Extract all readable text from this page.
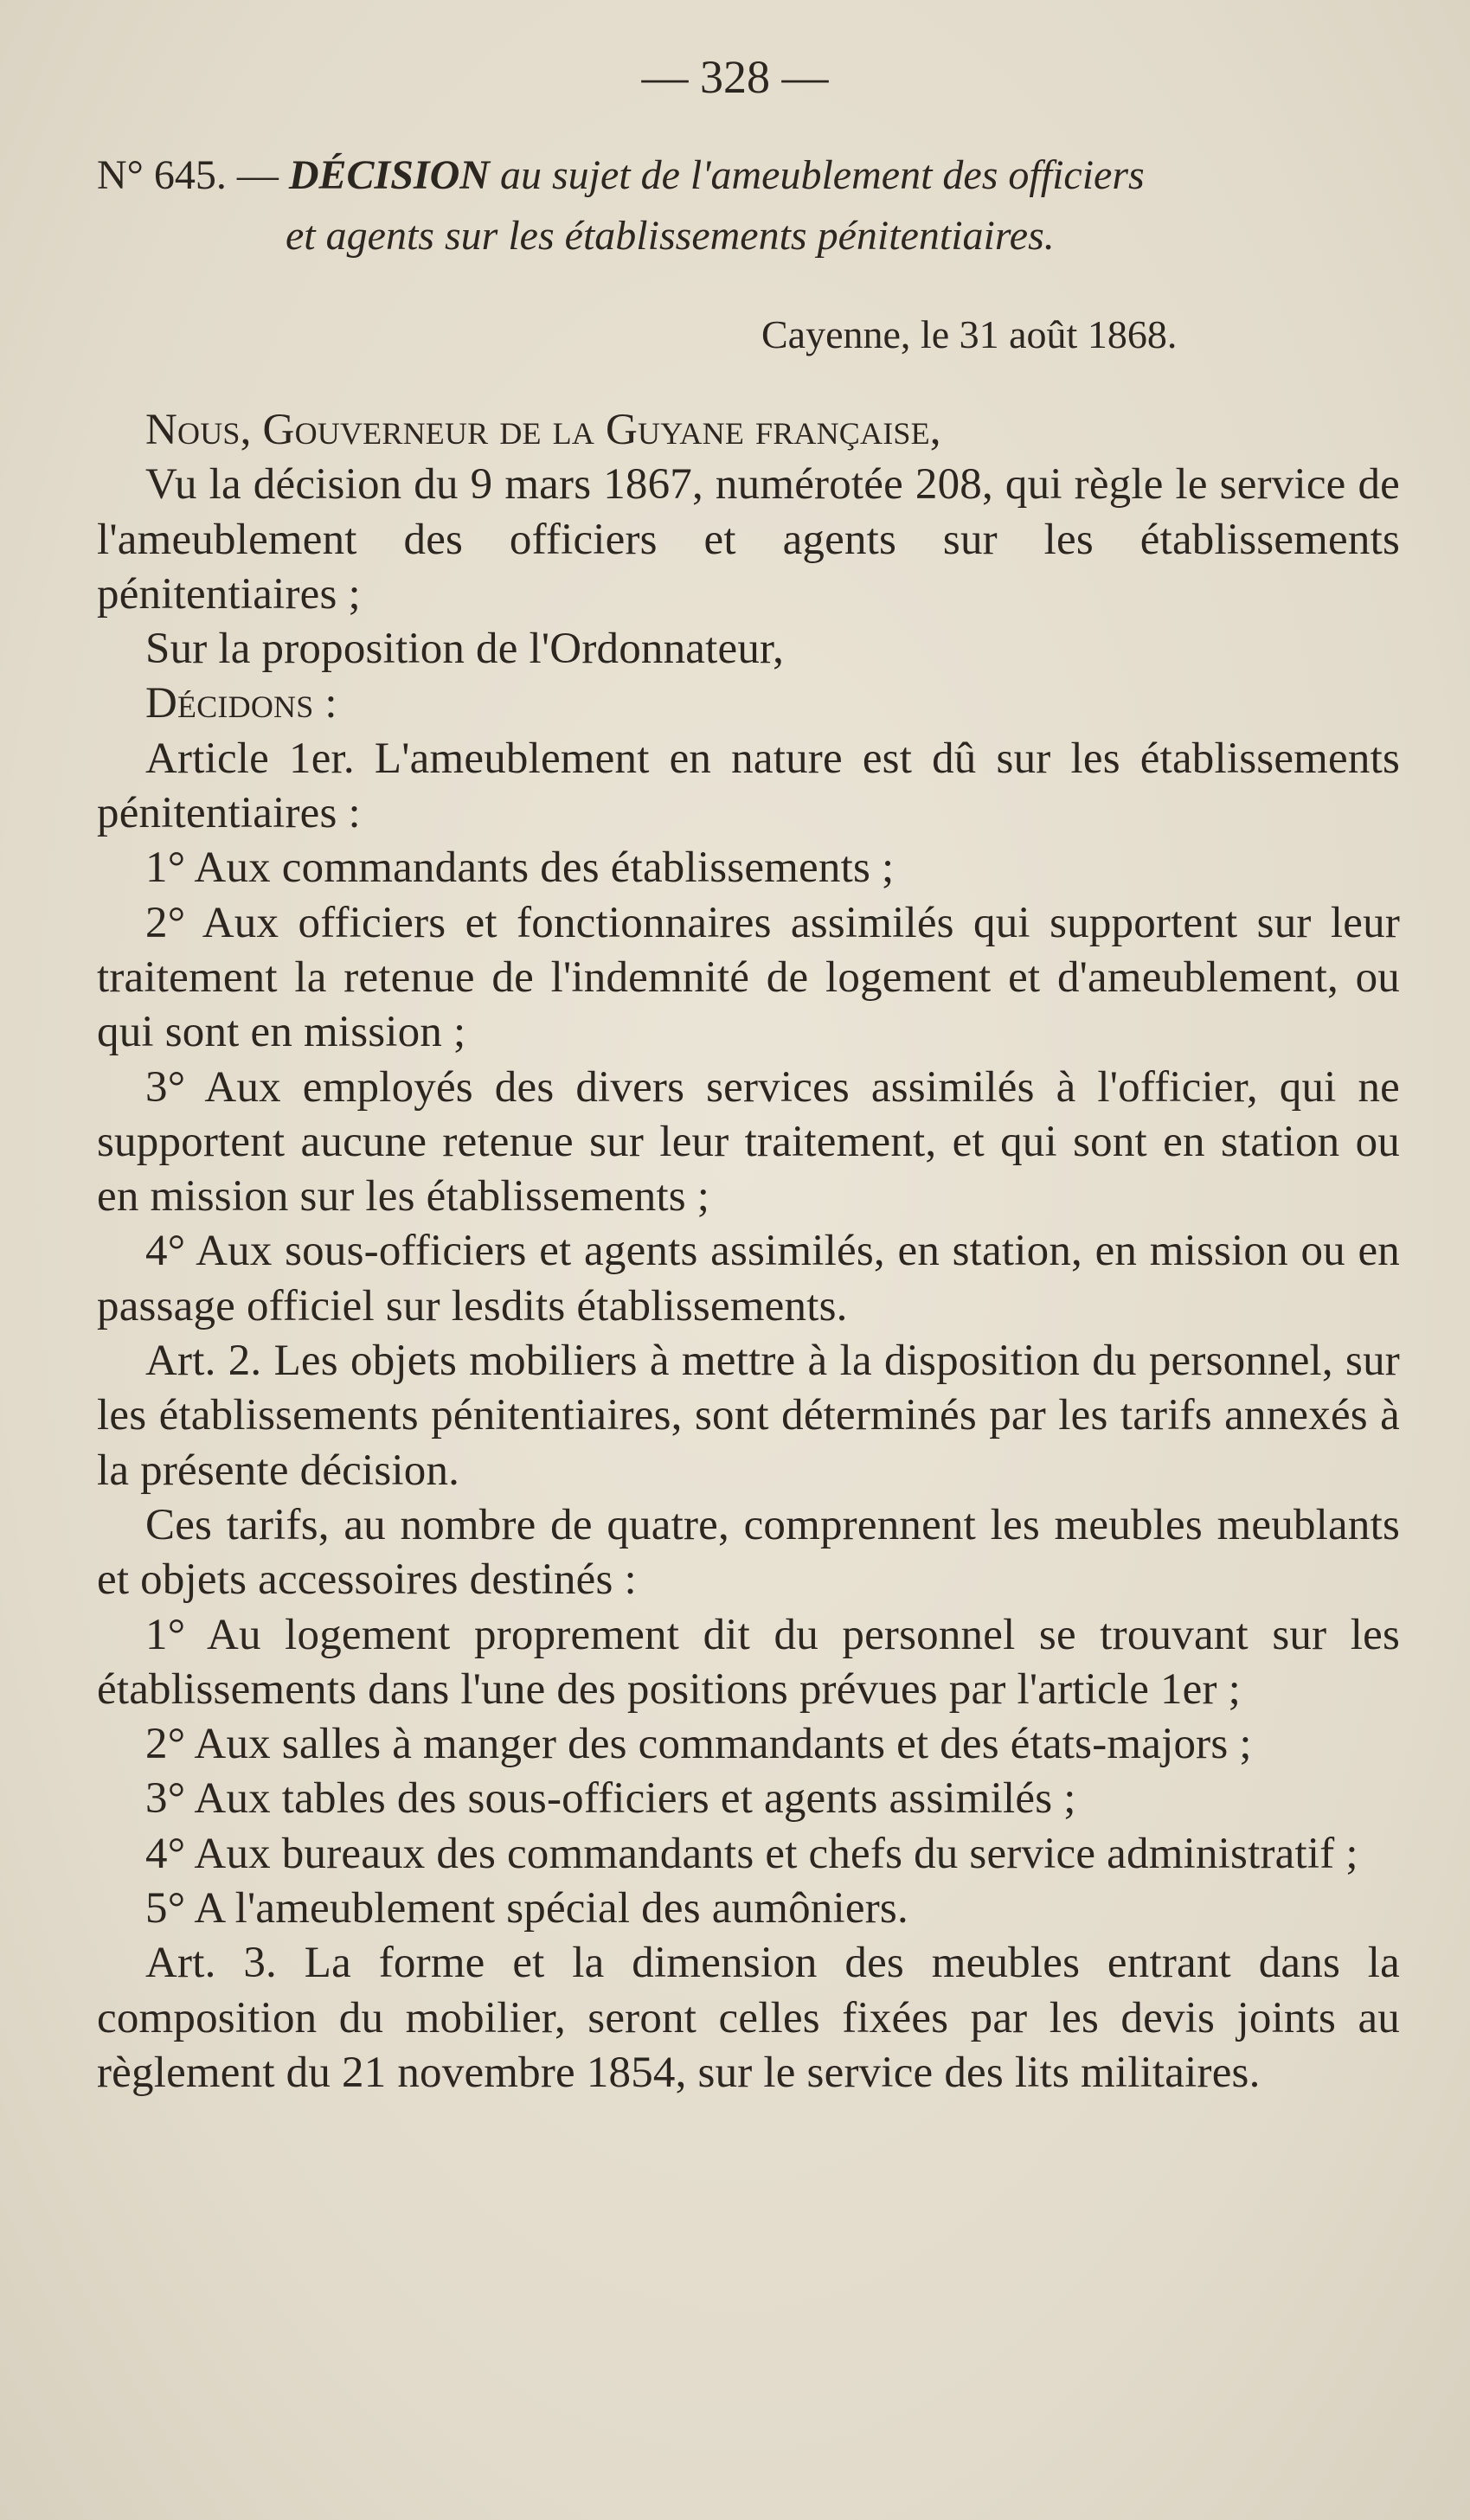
— 328 —
N° 645. — DÉCISION au sujet de l'ameublement des officiers
et agents sur les établissements pénitentiaires.
Cayenne, le 31 août 1868.

Nous, Gouverneur de la Guyane française,

Vu la décision du 9 mars 1867, numérotée 208, qui règle le service de l'ameublement des officiers et agents sur les établissements pénitentiaires ;

Sur la proposition de l'Ordonnateur,

Décidons :

Article 1er. L'ameublement en nature est dû sur les établissements pénitentiaires :

1° Aux commandants des établissements ;

2° Aux officiers et fonctionnaires assimilés qui supportent sur leur traitement la retenue de l'indemnité de logement et d'ameublement, ou qui sont en mission ;

3° Aux employés des divers services assimilés à l'officier, qui ne supportent aucune retenue sur leur traitement, et qui sont en station ou en mission sur les établissements ;

4° Aux sous-officiers et agents assimilés, en station, en mission ou en passage officiel sur lesdits établissements.

Art. 2. Les objets mobiliers à mettre à la disposition du personnel, sur les établissements pénitentiaires, sont déterminés par les tarifs annexés à la présente décision.

Ces tarifs, au nombre de quatre, comprennent les meubles meublants et objets accessoires destinés :

1° Au logement proprement dit du personnel se trouvant sur les établissements dans l'une des positions prévues par l'article 1er ;

2° Aux salles à manger des commandants et des états-majors ;

3° Aux tables des sous-officiers et agents assimilés ;

4° Aux bureaux des commandants et chefs du service administratif ;

5° A l'ameublement spécial des aumôniers.

Art. 3. La forme et la dimension des meubles entrant dans la composition du mobilier, seront celles fixées par les devis joints au règlement du 21 novembre 1854, sur le service des lits militaires.
